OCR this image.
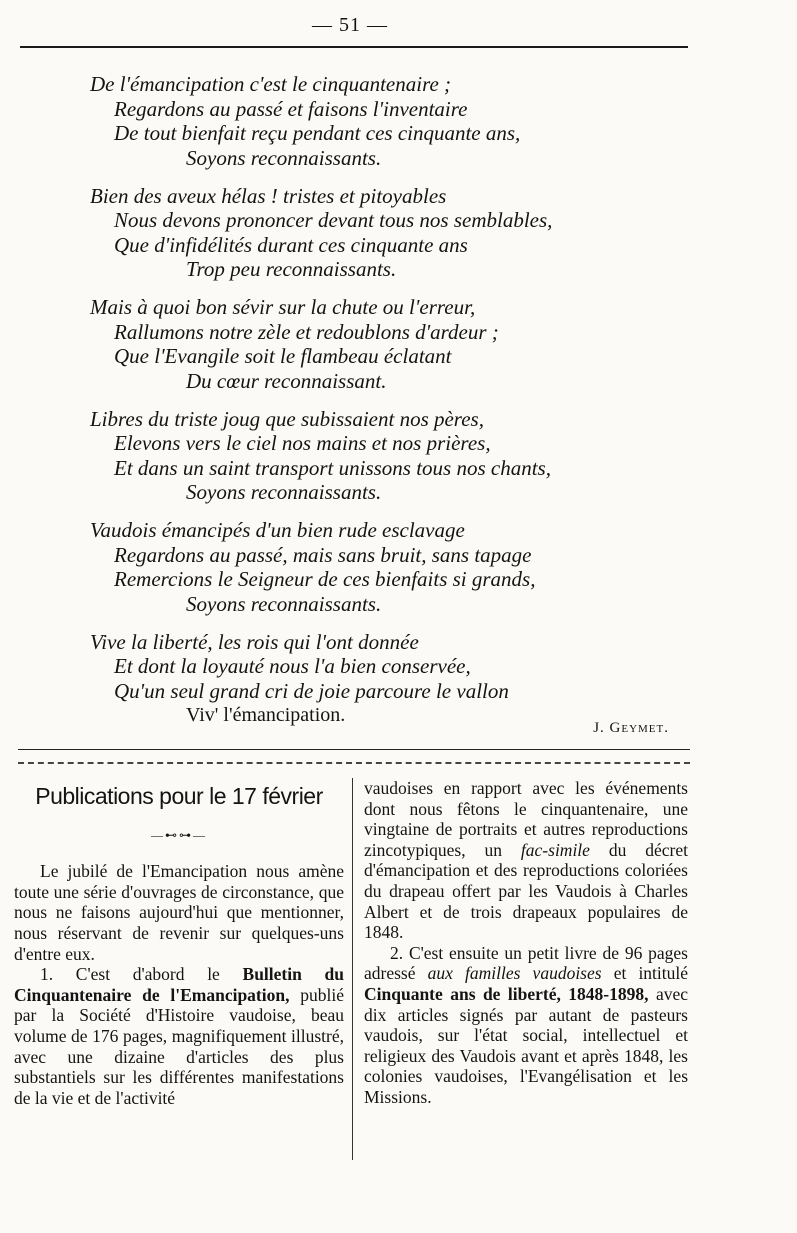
— 51 —
De l'émancipation c'est le cinquantenaire ;
Regardons au passé et faisons l'inventaire
De tout bienfait reçu pendant ces cinquante ans,
Soyons reconnaissants.
Bien des aveux hélas ! tristes et pitoyables
Nous devons prononcer devant tous nos semblables,
Que d'infidélités durant ces cinquante ans
Trop peu reconnaissants.
Mais à quoi bon sévir sur la chute ou l'erreur,
Rallumons notre zèle et redoublons d'ardeur ;
Que l'Evangile soit le flambeau éclatant
Du cœur reconnaissant.
Libres du triste joug que subissaient nos pères,
Elevons vers le ciel nos mains et nos prières,
Et dans un saint transport unissons tous nos chants,
Soyons reconnaissants.
Vaudois émancipés d'un bien rude esclavage
Regardons au passé, mais sans bruit, sans tapage
Remercions le Seigneur de ces bienfaits si grands,
Soyons reconnaissants.
Vive la liberté, les rois qui l'ont donnée
Et dont la loyauté nous l'a bien conservée,
Qu'un seul grand cri de joie parcoure le vallon
Viv' l'émancipation.
J. Geymet.
Publications pour le 17 février
—⊷⊶—

Le jubilé de l'Emancipation nous amène toute une série d'ouvrages de circonstance, que nous ne faisons aujourd'hui que mentionner, nous réservant de revenir sur quelques-uns d'entre eux.

1. C'est d'abord le Bulletin du Cinquantenaire de l'Emancipation, publié par la Société d'Histoire vaudoise, beau volume de 176 pages, magnifiquement illustré, avec une dizaine d'articles des plus substantiels sur les différentes manifestations de la vie et de l'activité

vaudoises en rapport avec les événements dont nous fêtons le cinquantenaire, une vingtaine de portraits et autres reproductions zincotypiques, un fac-simile du décret d'émancipation et des reproductions coloriées du drapeau offert par les Vaudois à Charles Albert et de trois drapeaux populaires de 1848.

2. C'est ensuite un petit livre de 96 pages adressé aux familles vaudoises et intitulé Cinquante ans de liberté, 1848-1898, avec dix articles signés par autant de pasteurs vaudois, sur l'état social, intellectuel et religieux des Vaudois avant et après 1848, les colonies vaudoises, l'Evangélisation et les Missions.
